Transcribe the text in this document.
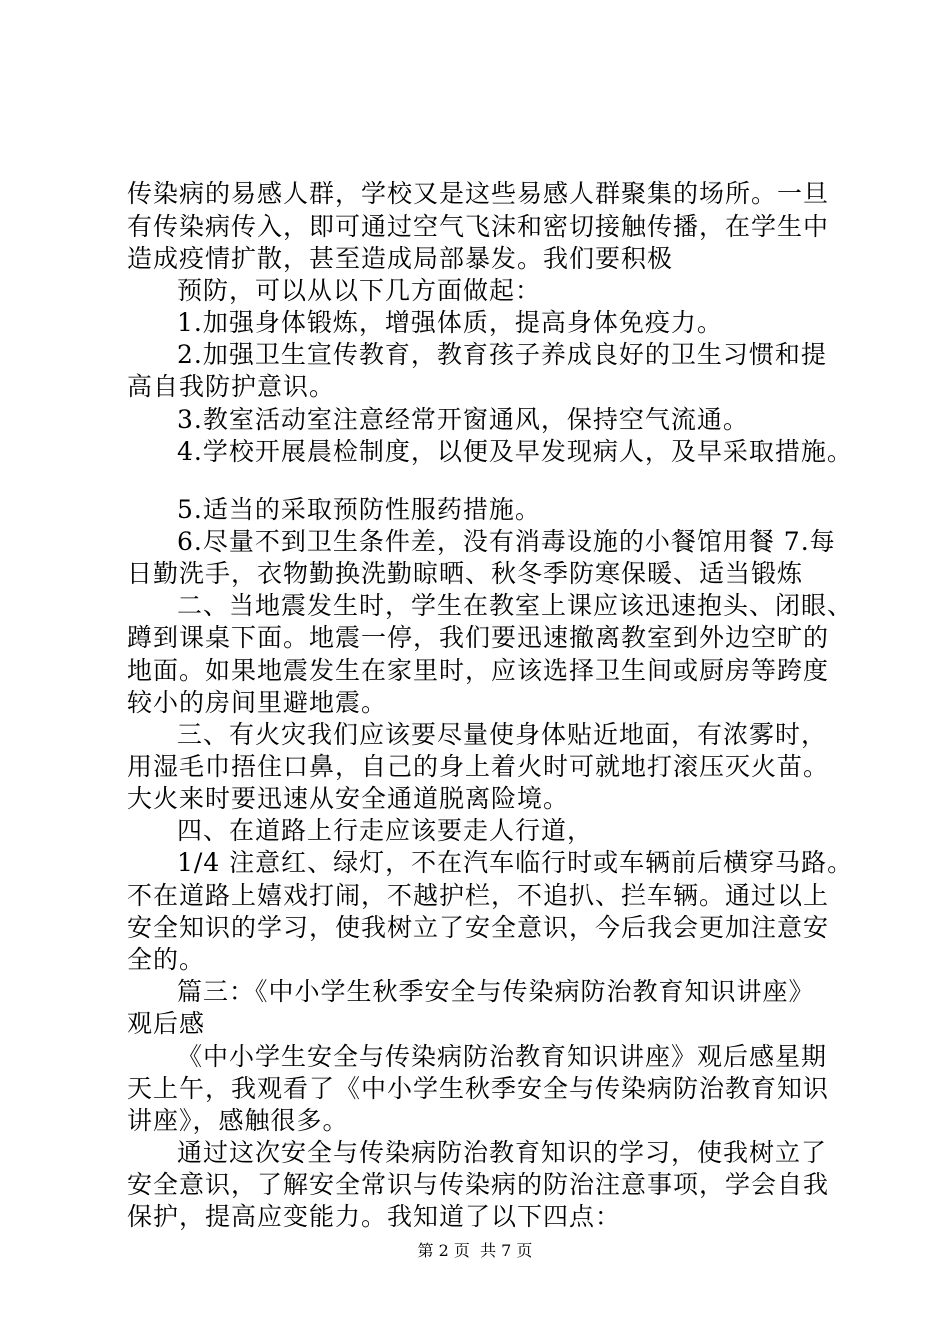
传染病的易感人群，学校又是这些易感人群聚集的场所。一旦
有传染病传入，即可通过空气飞沫和密切接触传播，在学生中
造成疫情扩散，甚至造成局部暴发。我们要积极
预防，可以从以下几方面做起：
1.加强身体锻炼，增强体质，提高身体免疫力。
2.加强卫生宣传教育，教育孩子养成良好的卫生习惯和提
高自我防护意识。
3.教室活动室注意经常开窗通风，保持空气流通。
4.学校开展晨检制度，以便及早发现病人，及早采取措施。
5.适当的采取预防性服药措施。
6.尽量不到卫生条件差，没有消毒设施的小餐馆用餐 7.每
日勤洗手，衣物勤换洗勤晾晒、秋冬季防寒保暖、适当锻炼
二、当地震发生时，学生在教室上课应该迅速抱头、闭眼、
蹲到课桌下面。地震一停，我们要迅速撤离教室到外边空旷的
地面。如果地震发生在家里时，应该选择卫生间或厨房等跨度
较小的房间里避地震。
三、有火灾我们应该要尽量使身体贴近地面，有浓雾时，
用湿毛巾捂住口鼻，自己的身上着火时可就地打滚压灭火苗。
大火来时要迅速从安全通道脱离险境。
四、在道路上行走应该要走人行道，
1/4 注意红、绿灯，不在汽车临行时或车辆前后横穿马路。
不在道路上嬉戏打闹，不越护栏，不追扒、拦车辆。通过以上
安全知识的学习，使我树立了安全意识，今后我会更加注意安
全的。
篇三：《中小学生秋季安全与传染病防治教育知识讲座》
观后感
《中小学生安全与传染病防治教育知识讲座》观后感星期
天上午，我观看了《中小学生秋季安全与传染病防治教育知识
讲座》，感触很多。
通过这次安全与传染病防治教育知识的学习，使我树立了
安全意识，了解安全常识与传染病的防治注意事项，学会自我
保护，提高应变能力。我知道了以下四点：
第 2 页  共 7 页
